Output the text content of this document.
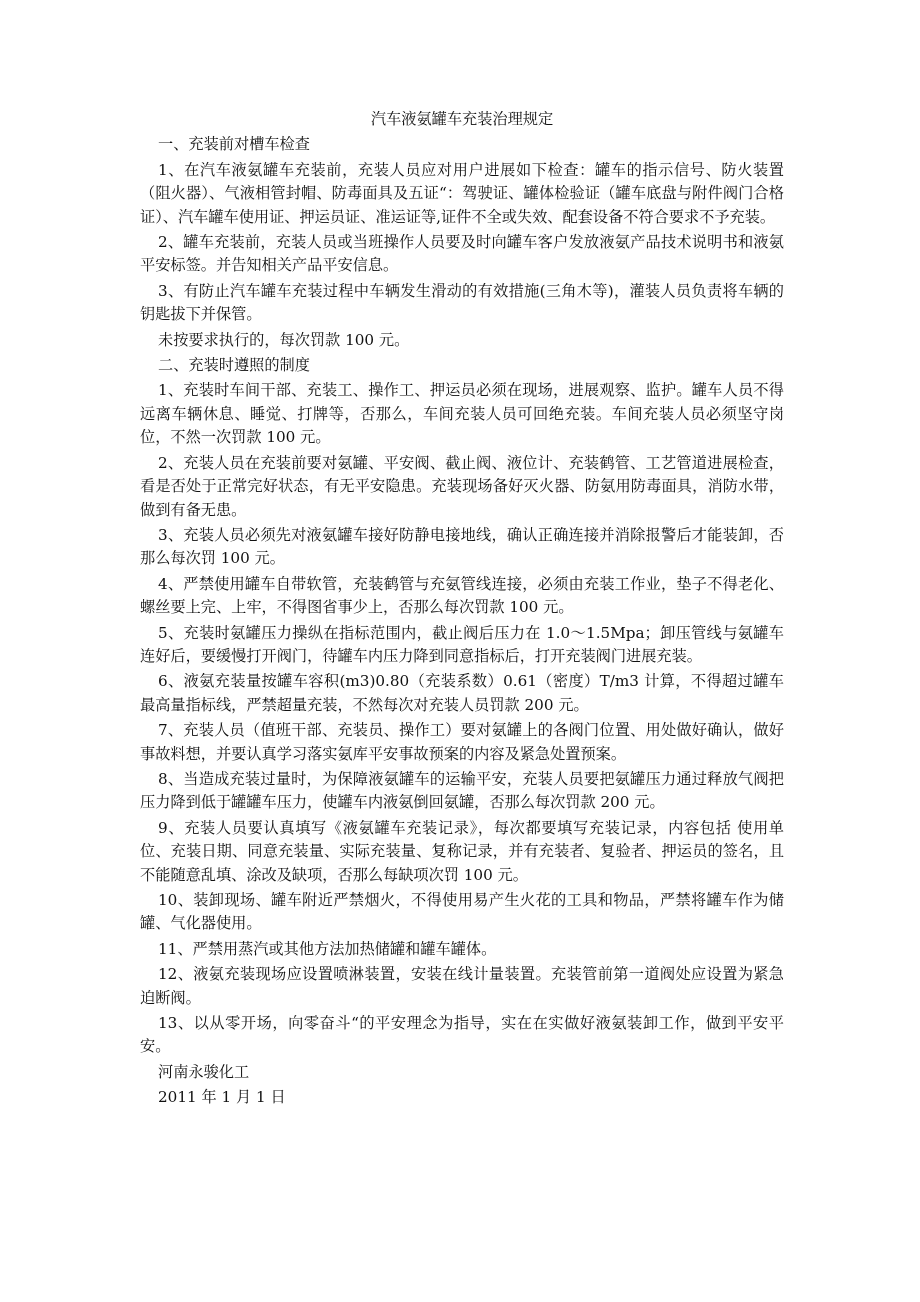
汽车液氨罐车充装治理规定
一、充装前对槽车检查
1、在汽车液氨罐车充装前，充装人员应对用户进展如下检查：罐车的指示信号、防火装置（阻火器）、气液相管封帽、防毒面具及五证“：驾驶证、罐体检验证（罐车底盘与附件阀门合格证）、汽车罐车使用证、押运员证、准运证等,证件不全或失效、配套设备不符合要求不予充装。
2、罐车充装前，充装人员或当班操作人员要及时向罐车客户发放液氨产品技术说明书和液氨平安标签。并告知相关产品平安信息。
3、有防止汽车罐车充装过程中车辆发生滑动的有效措施(三角木等)，灌装人员负责将车辆的钥匙拔下并保管。
未按要求执行的，每次罚款 100 元。
二、充装时遵照的制度
1、充装时车间干部、充装工、操作工、押运员必须在现场，进展观察、监护。罐车人员不得远离车辆休息、睡觉、打牌等，否那么，车间充装人员可回绝充装。车间充装人员必须坚守岗位，不然一次罚款 100 元。
2、充装人员在充装前要对氨罐、平安阀、截止阀、液位计、充装鹤管、工艺管道进展检查，看是否处于正常完好状态，有无平安隐患。充装现场备好灭火器、防氨用防毒面具，消防水带，做到有备无患。
3、充装人员必须先对液氨罐车接好防静电接地线，确认正确连接并消除报警后才能装卸，否那么每次罚 100 元。
4、严禁使用罐车自带软管，充装鹤管与充氨管线连接，必须由充装工作业，垫子不得老化、螺丝要上完、上牢，不得图省事少上，否那么每次罚款 100 元。
5、充装时氨罐压力操纵在指标范围内，截止阀后压力在 1.0～1.5Mpa；卸压管线与氨罐车连好后，要缓慢打开阀门，待罐车内压力降到同意指标后，打开充装阀门进展充装。
6、液氨充装量按罐车容积(m3)0.80（充装系数）0.61（密度）T/m3 计算，不得超过罐车最高量指标线，严禁超量充装，不然每次对充装人员罚款 200 元。
7、充装人员（值班干部、充装员、操作工）要对氨罐上的各阀门位置、用处做好确认，做好事故料想，并要认真学习落实氨库平安事故预案的内容及紧急处置预案。
8、当造成充装过量时，为保障液氨罐车的运输平安，充装人员要把氨罐压力通过释放气阀把压力降到低于罐罐车压力，使罐车内液氨倒回氨罐，否那么每次罚款 200 元。
9、充装人员要认真填写《液氨罐车充装记录》，每次都要填写充装记录，内容包括 使用单位、充装日期、同意充装量、实际充装量、复称记录，并有充装者、复验者、押运员的签名，且不能随意乱填、涂改及缺项，否那么每缺项次罚 100 元。
10、装卸现场、罐车附近严禁烟火，不得使用易产生火花的工具和物品，严禁将罐车作为储罐、气化器使用。
11、严禁用蒸汽或其他方法加热储罐和罐车罐体。
12、液氨充装现场应设置喷淋装置，安装在线计量装置。充装管前第一道阀处应设置为紧急迫断阀。
13、以从零开场，向零奋斗“的平安理念为指导，实在在实做好液氨装卸工作，做到平安平安。
河南永骏化工
2011 年 1 月 1 日
